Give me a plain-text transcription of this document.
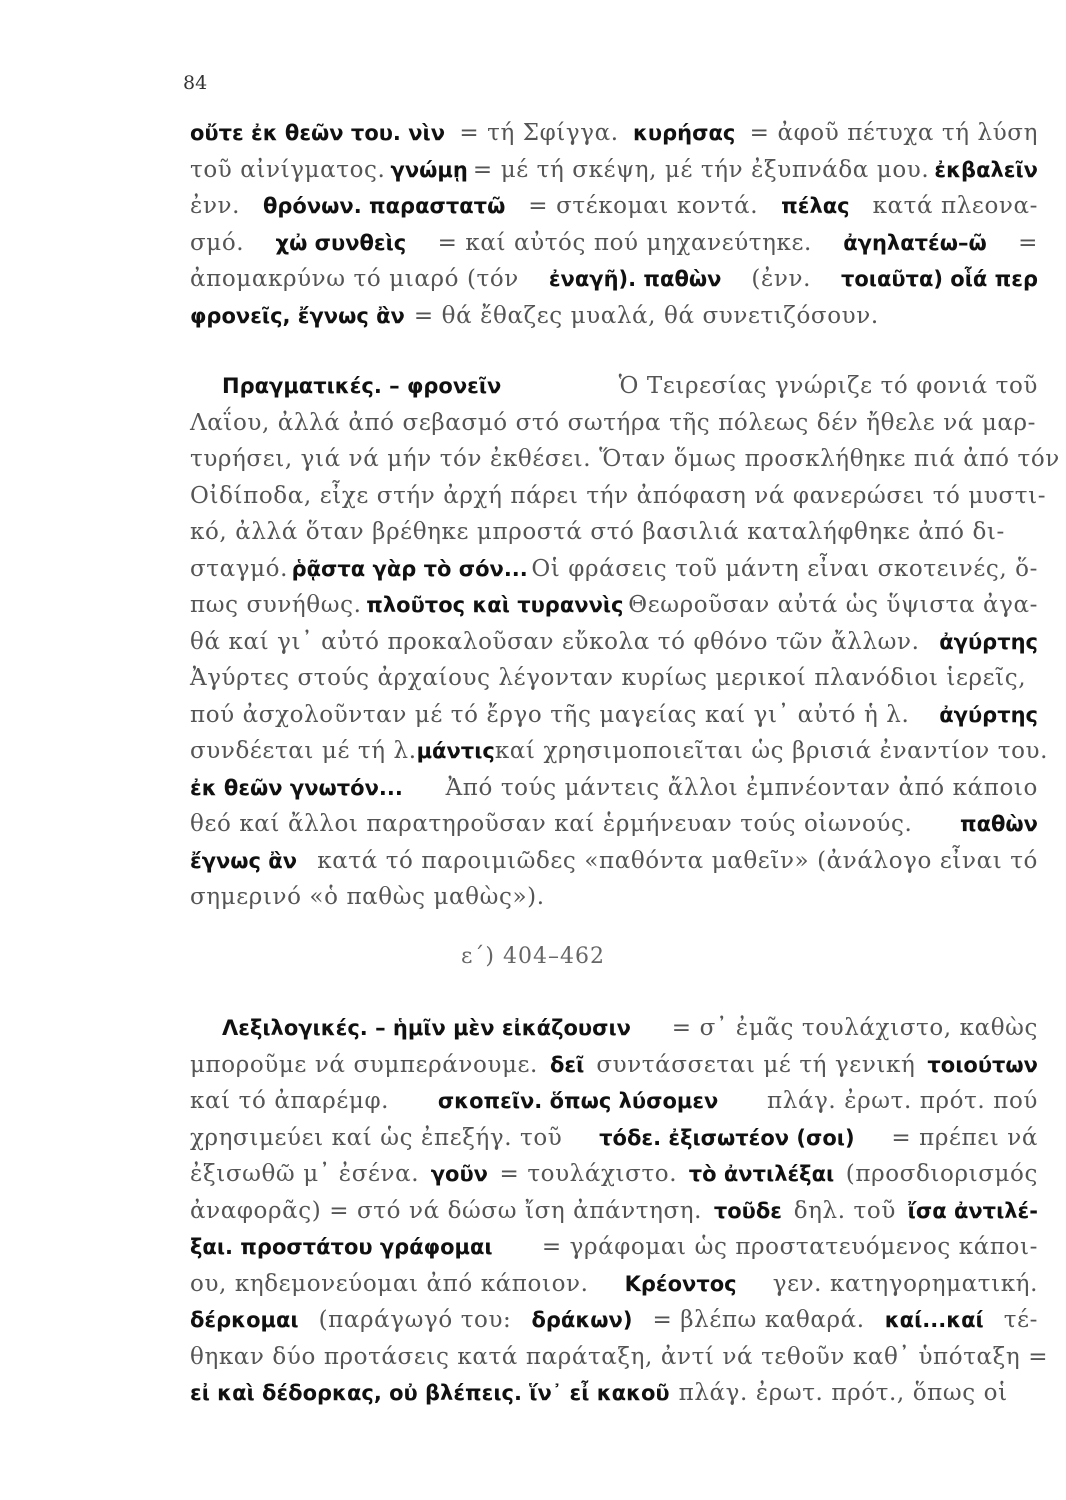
84
οὔτε ἐκ θεῶν του. νὶν = τή Σφίγγα. κυρήσας = ἀφοῦ πέτυχα τή λύση
τοῦ αἰνίγματος. γνώμῃ = μέ τή σκέψη, μέ τήν ἐξυπνάδα μου. ἐκβαλεῖν
ἐνν. θρόνων. παραστατῶ = στέκομαι κοντά. πέλας κατά πλεονα-
σμό. χὠ συνθεὶς = καί αὐτός πού μηχανεύτηκε. ἀγηλατέω–ῶ =
ἀπομακρύνω τό μιαρό (τόν ἐναγῆ). παθὼν (ἐνν. τοιαῦτα) οἷά περ
φρονεῖς, ἔγνως ἂν = θά ἔθαζες μυαλά, θά συνετιζόσουν.
Πραγματικές. – φρονεῖν	Ὁ Τειρεσίας γνώριζε τό φονιά τοῦ
Λαΐου, ἀλλά ἀπό σεβασμό στό σωτήρα τῆς πόλεως δέν ἤθελε νά μαρ-
τυρήσει, γιά νά μήν τόν ἐκθέσει. Ὅταν ὅμως προσκλήθηκε πιά ἀπό τόν
Οἰδίποδα, εἶχε στήν ἀρχή πάρει τήν ἀπόφαση νά φανερώσει τό μυστι-
κό, ἀλλά ὅταν βρέθηκε μπροστά στό βασιλιά καταλήφθηκε ἀπό δι-
σταγμό. ῥᾷστα γὰρ τὸ σόν... Οἱ φράσεις τοῦ μάντη εἶναι σκοτεινές, ὅ-
πως συνήθως. πλοῦτος καὶ τυραννὶς Θεωροῦσαν αὐτά ὡς ὕψιστα ἀγα-
θά καί γι᾽ αὐτό προκαλοῦσαν εὔκολα τό φθόνο τῶν ἄλλων. ἀγύρτης
Ἀγύρτες στούς ἀρχαίους λέγονταν κυρίως μερικοί πλανόδιοι ἱερεῖς,
πού ἀσχολοῦνταν μέ τό ἔργο τῆς μαγείας καί γι᾽ αὐτό ἡ λ. ἀγύρτης
συνδέεται μέ τή λ. μάντις καί χρησιμοποιεῖται ὡς βρισιά ἐναντίον του.
ἐκ θεῶν γνωτόν... Ἀπό τούς μάντεις ἄλλοι ἐμπνέονταν ἀπό κάποιο
θεό καί ἄλλοι παρατηροῦσαν καί ἑρμήνευαν τούς οἰωνούς. παθὼν
ἔγνως ἂν κατά τό παροιμιῶδες «παθόντα μαθεῖν» (ἀνάλογο εἶναι τό
σημερινό «ὁ παθὼς μαθὼς»).
ε΄) 404–462
Λεξιλογικές. – ἡμῖν μὲν εἰκάζουσιν = σ᾽ ἐμᾶς τουλάχιστο, καθὼς
μποροῦμε νά συμπεράνουμε. δεῖ συντάσσεται μέ τή γενική τοιούτων
καί τό ἀπαρέμφ. σκοπεῖν. ὅπως λύσομεν πλάγ. ἐρωτ. πρότ. πού
χρησιμεύει καί ὡς ἐπεξήγ. τοῦ τόδε. ἐξισωτέον (σοι) = πρέπει νά
ἐξισωθῶ μ᾽ ἐσένα. γοῦν = τουλάχιστο. τὸ ἀντιλέξαι (προσδιορισμός
ἀναφορᾶς) = στό νά δώσω ἴση ἀπάντηση. τοῦδε δηλ. τοῦ ἴσα ἀντιλέ-
ξαι. προστάτου γράφομαι = γράφομαι ὡς προστατευόμενος κάποι-
ου, κηδεμονεύομαι ἀπό κάποιον. Κρέοντος γεν. κατηγορηματική.
δέρκομαι (παράγωγό του: δράκων) = βλέπω καθαρά. καί...καί τέ-
θηκαν δύο προτάσεις κατά παράταξη, ἀντί νά τεθοῦν καθ᾽ ὑπόταξη =
εἰ καὶ δέδορκας, οὐ βλέπεις. ἵν᾽ εἶ κακοῦ πλάγ. ἐρωτ. πρότ., ὅπως οἱ
